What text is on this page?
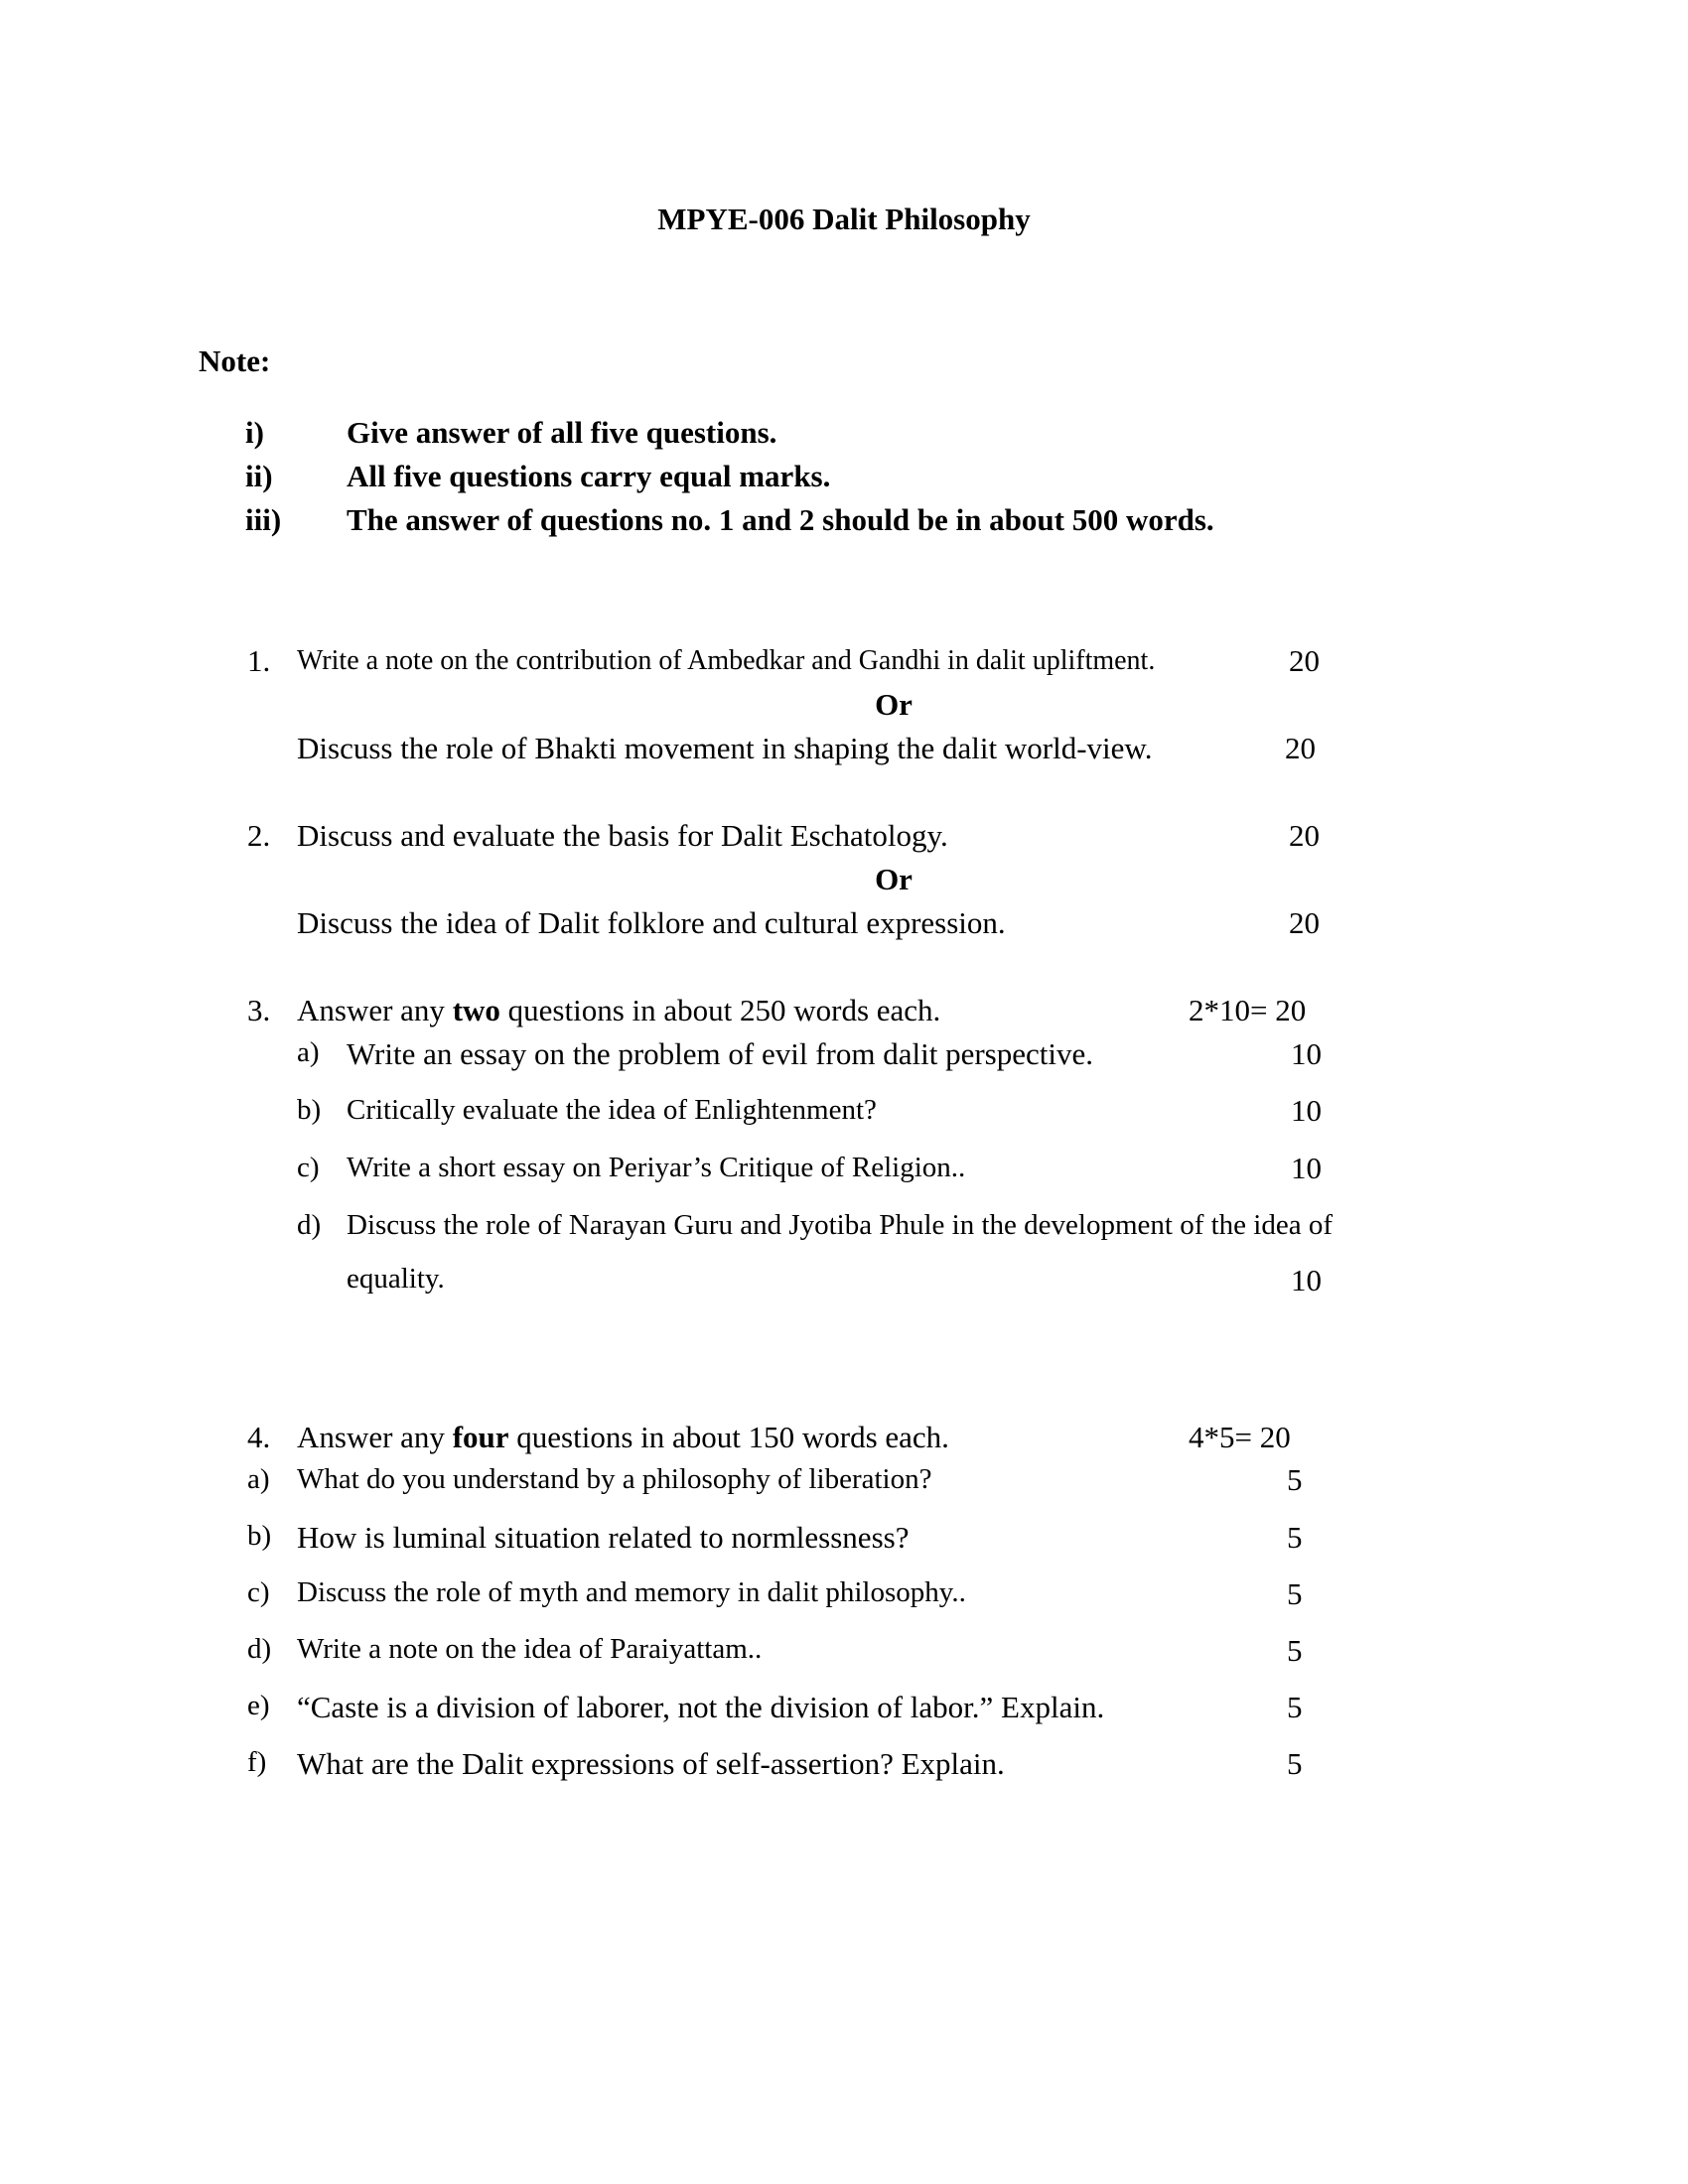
MPYE-006 Dalit Philosophy
Note:
i)	Give answer of all five questions.
ii) All five questions carry equal marks.
iii) The answer of questions no. 1 and 2 should be in about 500 words.
1. Write a note on the contribution of Ambedkar and Gandhi in dalit upliftment.	20
Or
Discuss the role of Bhakti movement in shaping the dalit world-view.	20
2. Discuss and evaluate the basis for Dalit Eschatology.	20
Or
Discuss the idea of Dalit folklore and cultural expression.	20
3. Answer any two questions in about 250 words each.	2*10= 20
a) Write an essay on the problem of evil from dalit perspective.	10
b) Critically evaluate the idea of Enlightenment?	10
c) Write a short essay on Periyar’s Critique of Religion..	10
d) Discuss the role of Narayan Guru and Jyotiba Phule in the development of the idea of
equality.	10
4. Answer any four questions in about 150 words each.	4*5= 20
a) What do you understand by a philosophy of liberation?	5
b) How is luminal situation related to normlessness?	5
c) Discuss the role of myth and memory in dalit philosophy..	5
d) Write a note on the idea of Paraiyattam..	5
e) “Caste is a division of laborer, not the division of labor.” Explain.	5
f) What are the Dalit expressions of self-assertion? Explain.	5
